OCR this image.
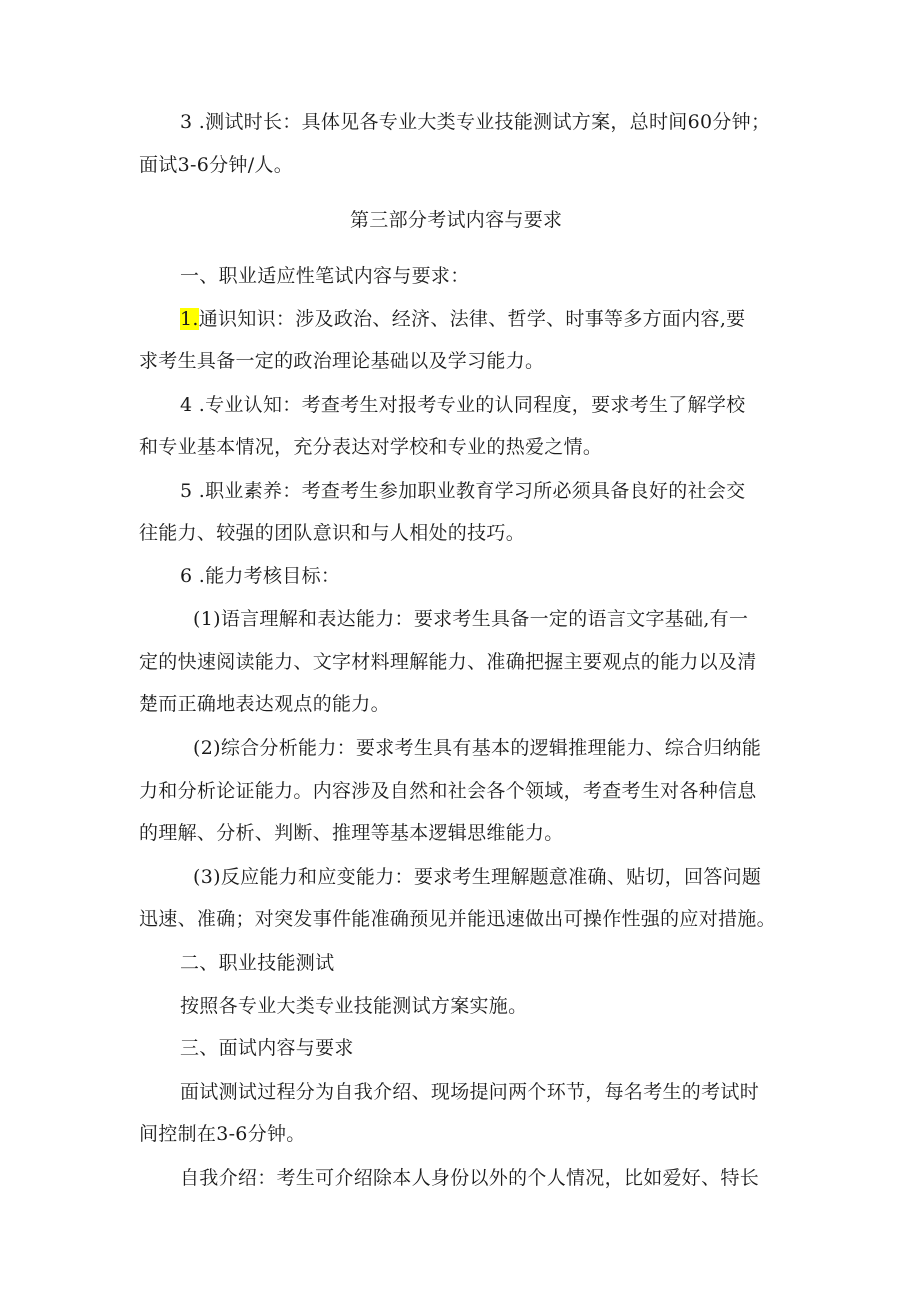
3 .测试时长：具体见各专业大类专业技能测试方案，总时间60分钟；
面试3-6分钟/人。
第三部分考试内容与要求
一、职业适应性笔试内容与要求：
1.通识知识：涉及政治、经济、法律、哲学、时事等多方面内容,要
求考生具备一定的政治理论基础以及学习能力。
4 .专业认知：考查考生对报考专业的认同程度，要求考生了解学校
和专业基本情况，充分表达对学校和专业的热爱之情。
5 .职业素养：考查考生参加职业教育学习所必须具备良好的社会交
往能力、较强的团队意识和与人相处的技巧。
6 .能力考核目标：
(1)语言理解和表达能力：要求考生具备一定的语言文字基础,有一
定的快速阅读能力、文字材料理解能力、准确把握主要观点的能力以及清
楚而正确地表达观点的能力。
(2)综合分析能力：要求考生具有基本的逻辑推理能力、综合归纳能
力和分析论证能力。内容涉及自然和社会各个领域，考查考生对各种信息
的理解、分析、判断、推理等基本逻辑思维能力。
(3)反应能力和应变能力：要求考生理解题意准确、贴切，回答问题
迅速、准确；对突发事件能准确预见并能迅速做出可操作性强的应对措施。
二、职业技能测试
按照各专业大类专业技能测试方案实施。
三、面试内容与要求
面试测试过程分为自我介绍、现场提问两个环节，每名考生的考试时
间控制在3-6分钟。
自我介绍：考生可介绍除本人身份以外的个人情况，比如爱好、特长
